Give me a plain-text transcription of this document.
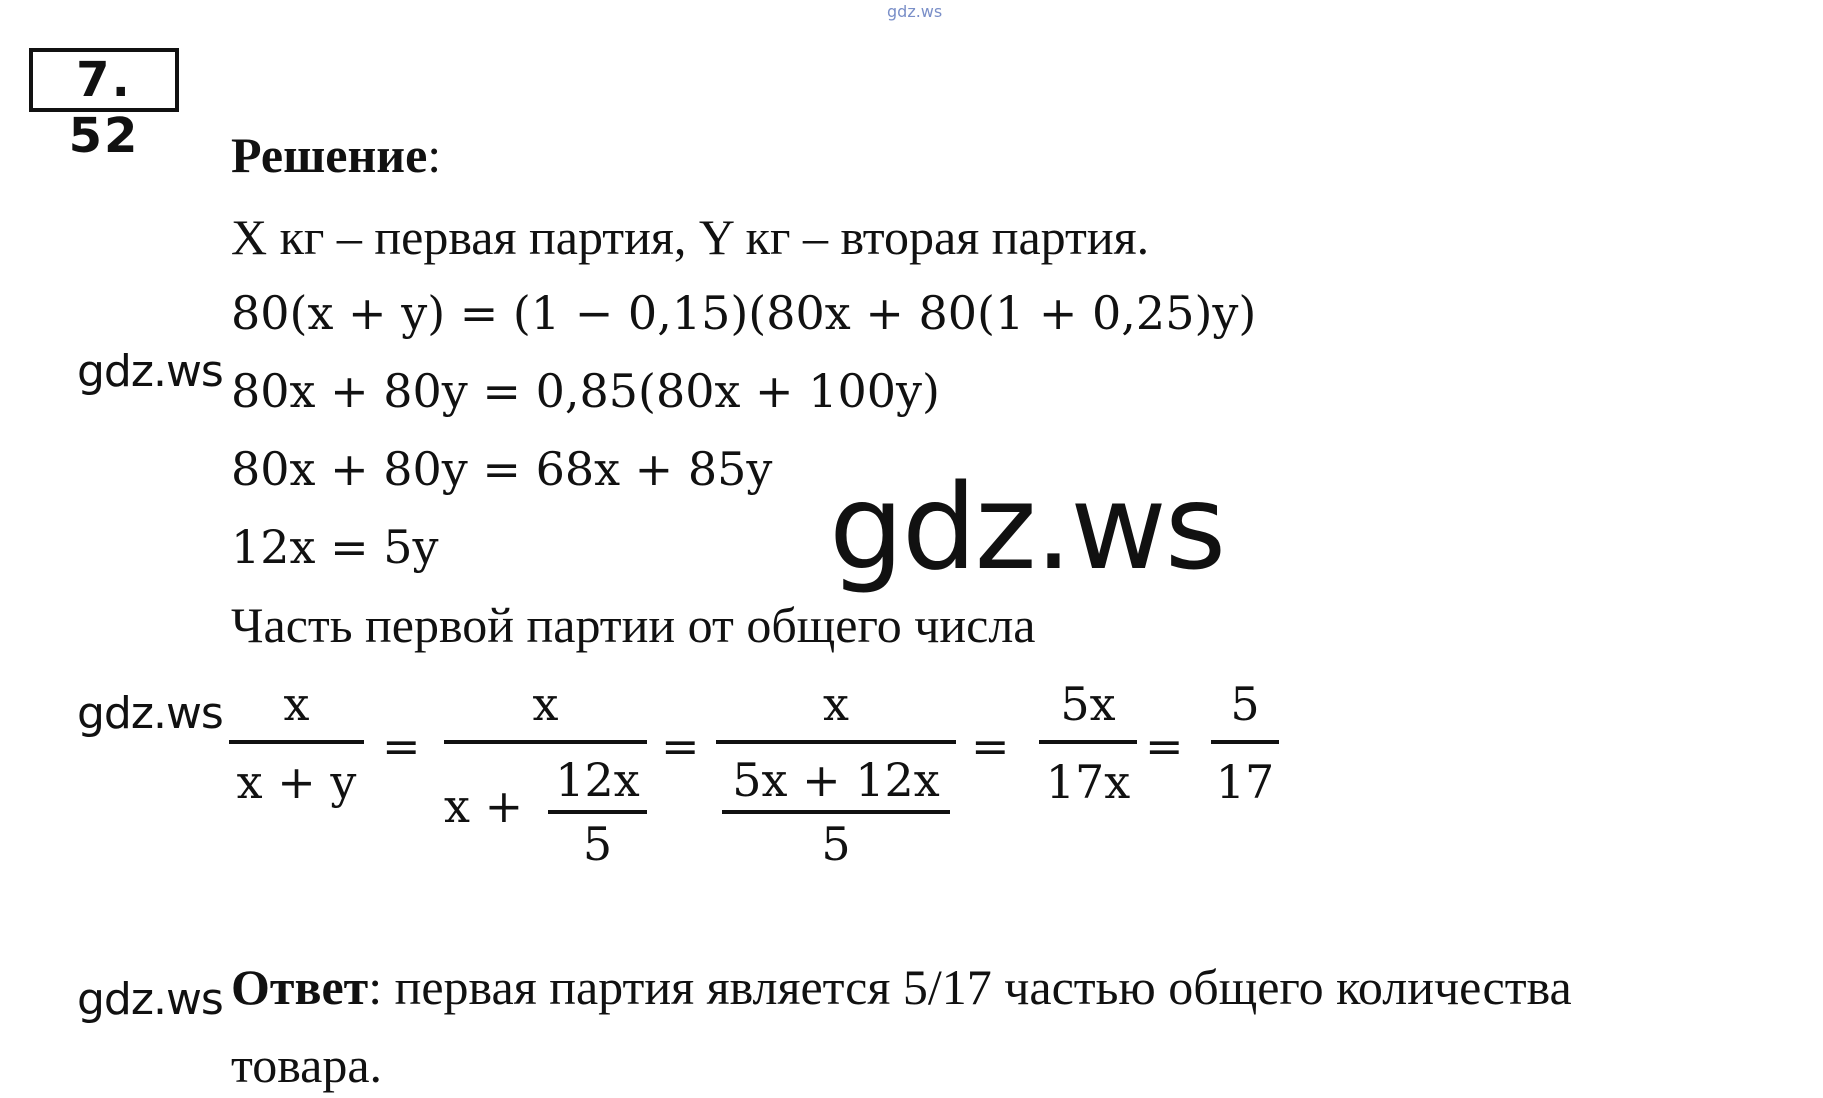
gdz.ws
7. 52	Решение:
X кг – первая партия, Y кг – вторая партия.
80(x + y) = (1 − 0,15)(80x + 80(1 + 0,25)y)
gdz.ws 80x + 80y = 0,85(80x + 100y)
80x + 80y = 68x + 85y gdz.ws
12x = 5y
Часть первой партии от общего числа
gdz.ws	x
x + y
=
x
x + 12x
5
=
x
5x + 12x
5
=
5x
17x
=
5
17
Ответ: первая партия является 5/17 частью общего количества
gdz.ws
товара.
